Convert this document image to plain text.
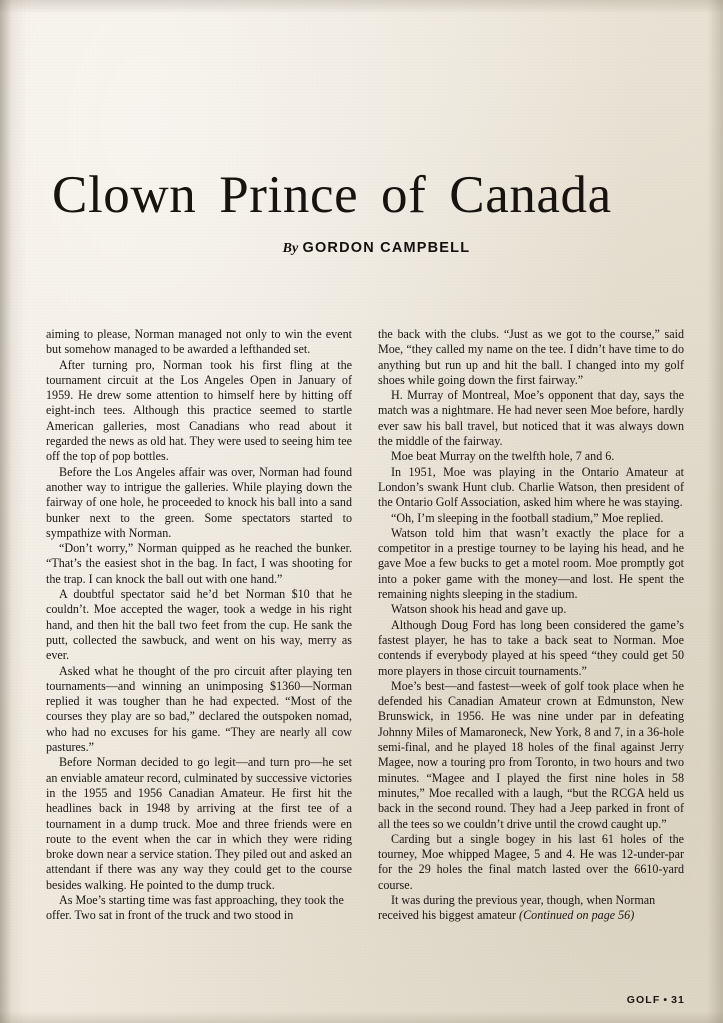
Clown Prince of Canada
By GORDON CAMPBELL

aiming to please, Norman managed not only to win the event but somehow managed to be awarded a lefthanded set.

After turning pro, Norman took his first fling at the tournament circuit at the Los Angeles Open in January of 1959. He drew some attention to himself here by hitting off eight-inch tees. Although this practice seemed to startle American galleries, most Canadians who read about it regarded the news as old hat. They were used to seeing him tee off the top of pop bottles.

Before the Los Angeles affair was over, Norman had found another way to intrigue the galleries. While playing down the fairway of one hole, he proceeded to knock his ball into a sand bunker next to the green. Some spectators started to sympathize with Norman.

“Don’t worry,” Norman quipped as he reached the bunker. “That’s the easiest shot in the bag. In fact, I was shooting for the trap. I can knock the ball out with one hand.”

A doubtful spectator said he’d bet Norman $10 that he couldn’t. Moe accepted the wager, took a wedge in his right hand, and then hit the ball two feet from the cup. He sank the putt, collected the sawbuck, and went on his way, merry as ever.

Asked what he thought of the pro circuit after playing ten tournaments—and winning an unimposing $1360—Norman replied it was tougher than he had expected. “Most of the courses they play are so bad,” declared the outspoken nomad, who had no excuses for his game. “They are nearly all cow pastures.”

Before Norman decided to go legit—and turn pro—he set an enviable amateur record, culminated by successive victories in the 1955 and 1956 Canadian Amateur. He first hit the headlines back in 1948 by arriving at the first tee of a tournament in a dump truck. Moe and three friends were en route to the event when the car in which they were riding broke down near a service station. They piled out and asked an attendant if there was any way they could get to the course besides walking. He pointed to the dump truck.

As Moe’s starting time was fast approaching, they took the offer. Two sat in front of the truck and two stood in

the back with the clubs. “Just as we got to the course,” said Moe, “they called my name on the tee. I didn’t have time to do anything but run up and hit the ball. I changed into my golf shoes while going down the first fairway.”

H. Murray of Montreal, Moe’s opponent that day, says the match was a nightmare. He had never seen Moe before, hardly ever saw his ball travel, but noticed that it was always down the middle of the fairway.

Moe beat Murray on the twelfth hole, 7 and 6.

In 1951, Moe was playing in the Ontario Amateur at London’s swank Hunt club. Charlie Watson, then president of the Ontario Golf Association, asked him where he was staying.

“Oh, I’m sleeping in the football stadium,” Moe replied.

Watson told him that wasn’t exactly the place for a competitor in a prestige tourney to be laying his head, and he gave Moe a few bucks to get a motel room. Moe promptly got into a poker game with the money—and lost. He spent the remaining nights sleeping in the stadium.

Watson shook his head and gave up.

Although Doug Ford has long been considered the game’s fastest player, he has to take a back seat to Norman. Moe contends if everybody played at his speed “they could get 50 more players in those circuit tournaments.”

Moe’s best—and fastest—week of golf took place when he defended his Canadian Amateur crown at Edmunston, New Brunswick, in 1956. He was nine under par in defeating Johnny Miles of Mamaroneck, New York, 8 and 7, in a 36-hole semi-final, and he played 18 holes of the final against Jerry Magee, now a touring pro from Toronto, in two hours and two minutes. “Magee and I played the first nine holes in 58 minutes,” Moe recalled with a laugh, “but the RCGA held us back in the second round. They had a Jeep parked in front of all the tees so we couldn’t drive until the crowd caught up.”

Carding but a single bogey in his last 61 holes of the tourney, Moe whipped Magee, 5 and 4. He was 12-under-par for the 29 holes the final match lasted over the 6610-yard course.

It was during the previous year, though, when Norman received his biggest amateur (Continued on page 56)

GOLF • 31
